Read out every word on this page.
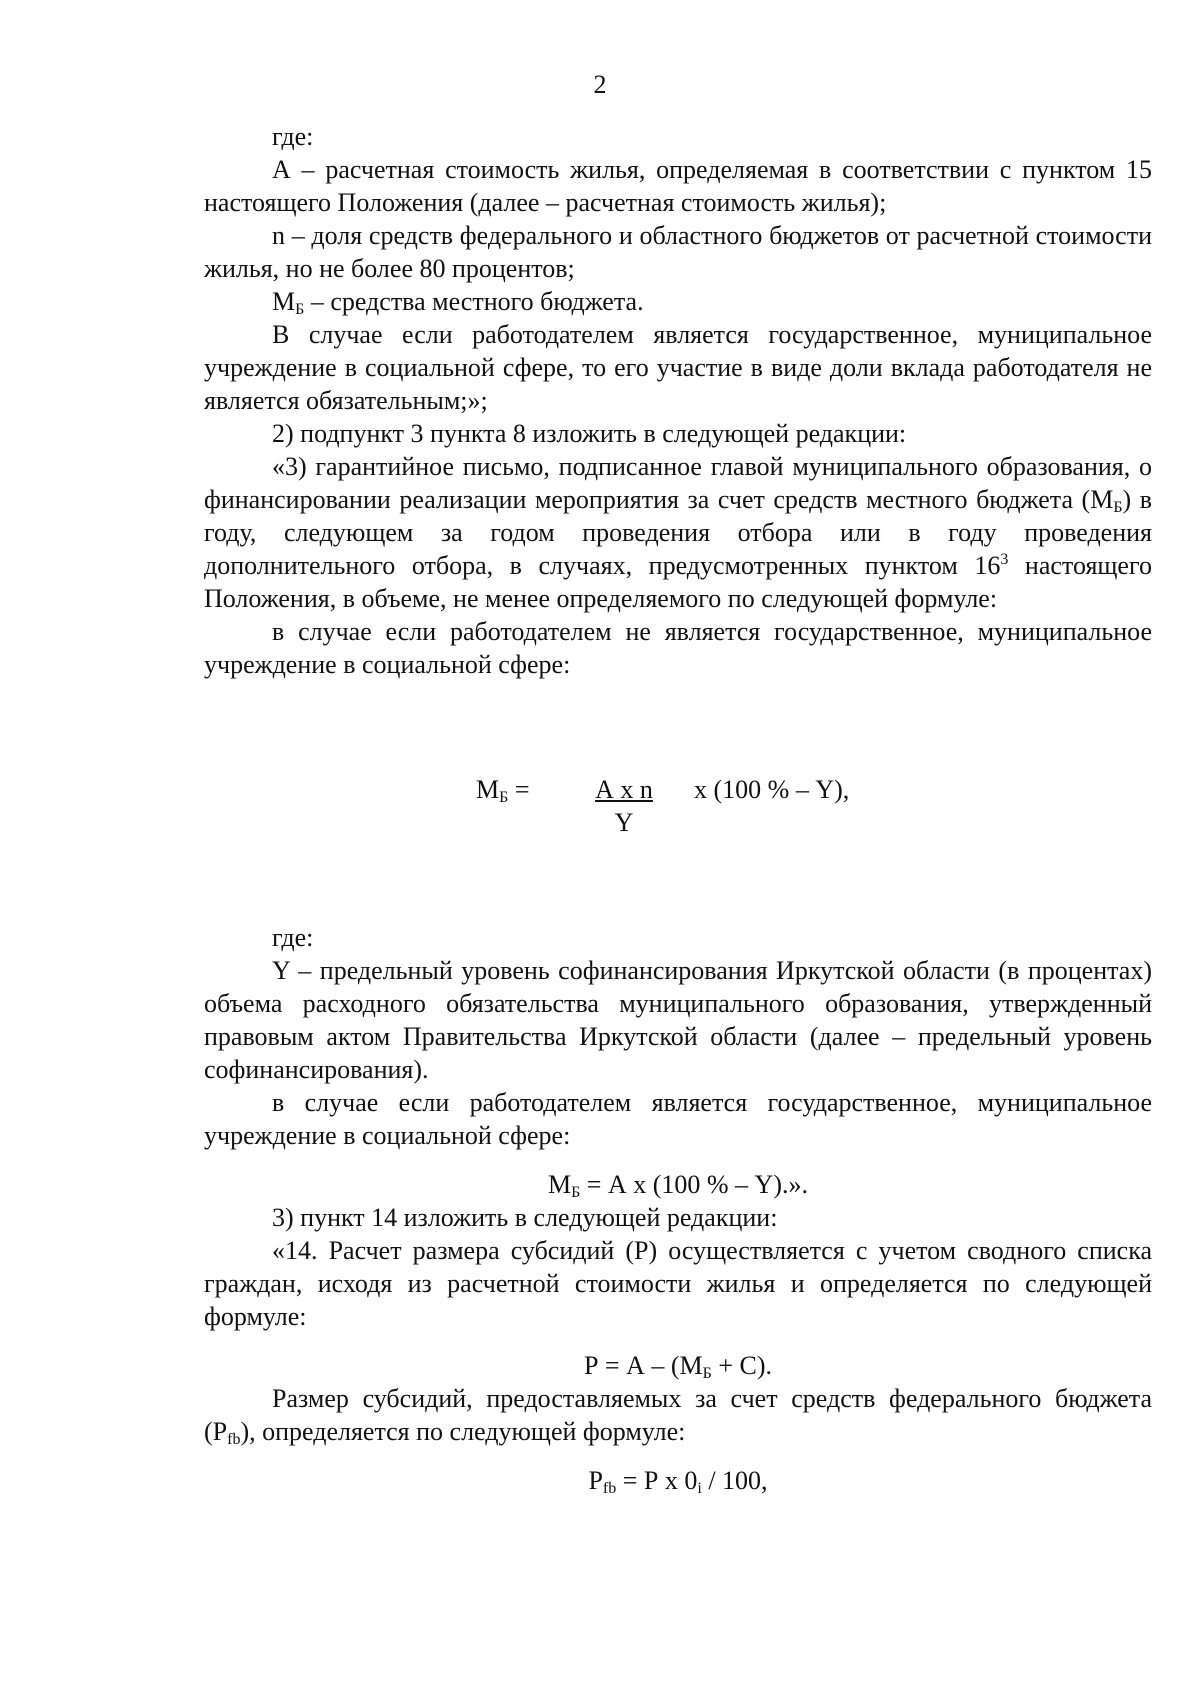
2

где:

А – расчетная стоимость жилья, определяемая в соответствии с пунктом 15 настоящего Положения (далее – расчетная стоимость жилья);

n – доля средств федерального и областного бюджетов от расчетной стоимости жилья, но не более 80 процентов;

$М_Б$ – средства местного бюджета.

В случае если работодателем является государственное, муниципальное учреждение в социальной сфере, то его участие в виде доли вклада работодателя не является обязательным;»;

2) подпункт 3 пункта 8 изложить в следующей редакции:

«3) гарантийное письмо, подписанное главой муниципального образования, о финансировании реализации мероприятия за счет средств местного бюджета $(М_Б)$ в году, следующем за годом проведения отбора или в году проведения дополнительного отбора, в случаях, предусмотренных пунктом $16^3$ настоящего Положения, в объеме, не менее определяемого по следующей формуле:

в случае если работодателем не является государственное, муниципальное учреждение в социальной сфере:

$М_Б$ =	А х n
Y
х (100 % – Y),

где:

Y – предельный уровень софинансирования Иркутской области (в процентах) объема расходного обязательства муниципального образования, утвержденный правовым актом Правительства Иркутской области (далее – предельный уровень софинансирования).

в случае если работодателем является государственное, муниципальное учреждение в социальной сфере:

$М_Б = А$ х (100 % – Y).».

3) пункт 14 изложить в следующей редакции:

«14. Расчет размера субсидий (Р) осуществляется с учетом сводного списка граждан, исходя из расчетной стоимости жилья и определяется по следующей формуле:

$Р = А - (М_Б + С)$.

Размер субсидий, предоставляемых за счет средств федерального бюджета $(Р_{fb})$, определяется по следующей формуле:

$Р_{fb} = Р$ х $0_i / 100$,
